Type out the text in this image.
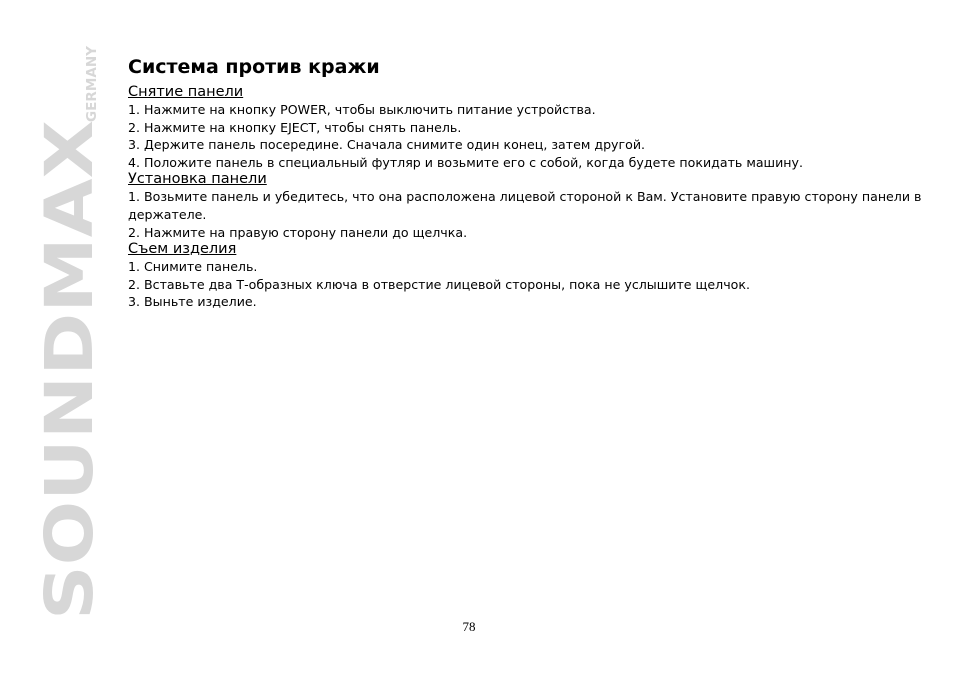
SOUNDMAX
GERMANY Система против кражи
Снятие панели
1. Нажмите на кнопку POWER, чтобы выключить питание устройства.
2. Нажмите на кнопку EJECT, чтобы снять панель.
3. Держите панель посередине. Сначала снимите один конец, затем другой.
4. Положите панель в специальный футляр и возьмите его с собой, когда будете покидать машину.
Установка панели
1. Возьмите панель и убедитесь, что она расположена лицевой стороной к Вам. Установите правую сторону панели в держателе.
2. Нажмите на правую сторону панели до щелчка.
Съем изделия
1. Снимите панель.
2. Вставьте два Т-образных ключа в отверстие лицевой стороны, пока не услышите щелчок.
3. Выньте изделие.
78
